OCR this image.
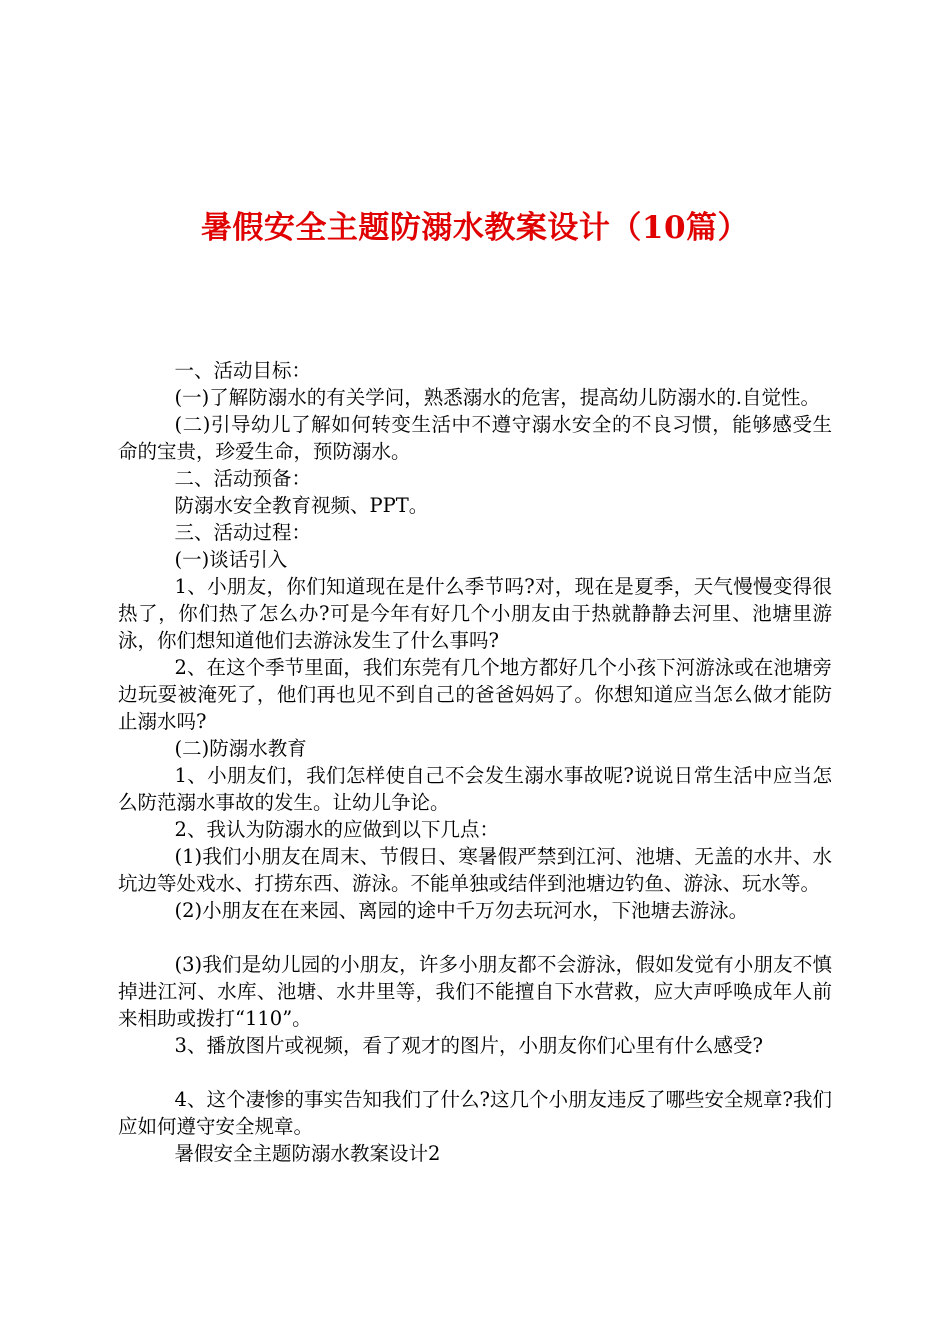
暑假安全主题防溺水教案设计（10篇）

一、活动目标：

(一)了解防溺水的有关学问，熟悉溺水的危害，提高幼儿防溺水的.自觉性。

(二)引导幼儿了解如何转变生活中不遵守溺水安全的不良习惯，能够感受生命的宝贵，珍爱生命，预防溺水。

二、活动预备：

防溺水安全教育视频、PPT。

三、活动过程：

(一)谈话引入

1、小朋友，你们知道现在是什么季节吗?对，现在是夏季，天气慢慢变得很热了，你们热了怎么办?可是今年有好几个小朋友由于热就静静去河里、池塘里游泳，你们想知道他们去游泳发生了什么事吗?

2、在这个季节里面，我们东莞有几个地方都好几个小孩下河游泳或在池塘旁边玩耍被淹死了，他们再也见不到自己的爸爸妈妈了。你想知道应当怎么做才能防止溺水吗?

(二)防溺水教育

1、小朋友们，我们怎样使自己不会发生溺水事故呢?说说日常生活中应当怎么防范溺水事故的发生。让幼儿争论。

2、我认为防溺水的应做到以下几点：

(1)我们小朋友在周末、节假日、寒暑假严禁到江河、池塘、无盖的水井、水坑边等处戏水、打捞东西、游泳。不能单独或结伴到池塘边钓鱼、游泳、玩水等。

(2)小朋友在在来园、离园的途中千万勿去玩河水，下池塘去游泳。

(3)我们是幼儿园的小朋友，许多小朋友都不会游泳，假如发觉有小朋友不慎掉进江河、水库、池塘、水井里等，我们不能擅自下水营救，应大声呼唤成年人前来相助或拨打“110”。

3、播放图片或视频，看了观才的图片，小朋友你们心里有什么感受?

4、这个凄惨的事实告知我们了什么?这几个小朋友违反了哪些安全规章?我们应如何遵守安全规章。

暑假安全主题防溺水教案设计2
